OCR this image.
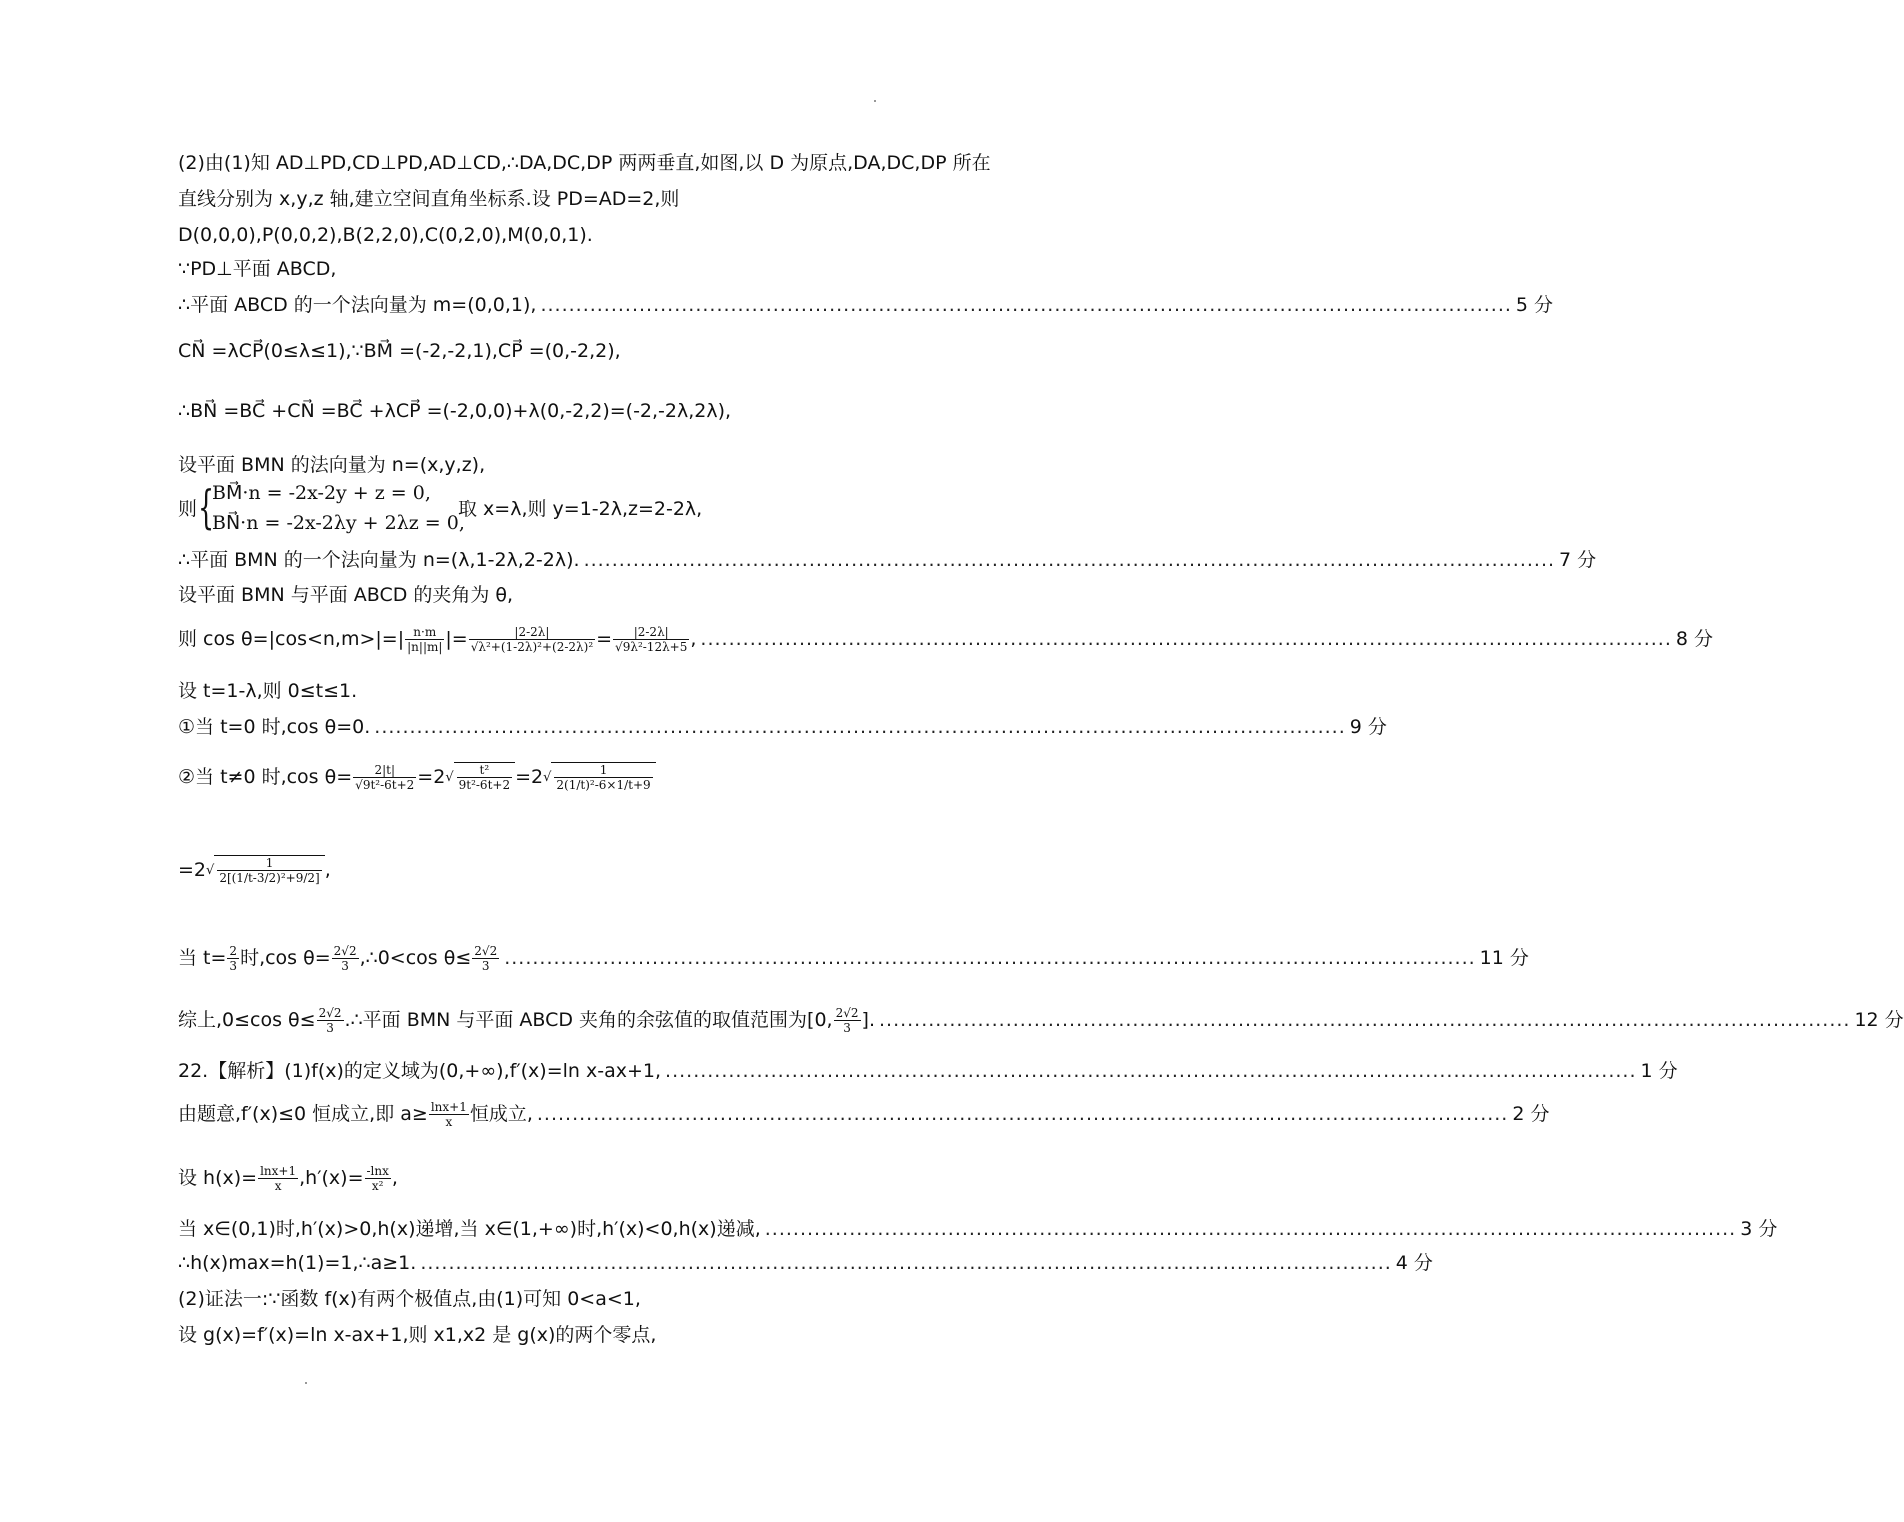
(2)由(1)知 AD⊥PD,CD⊥PD,AD⊥CD,∴DA,DC,DP 两两垂直,如图,以 D 为原点,DA,DC,DP 所在
直线分别为 x,y,z 轴,建立空间直角坐标系.设 PD=AD=2,则
D(0,0,0),P(0,0,2),B(2,2,0),C(0,2,0),M(0,0,1).
∵PD⊥平面 ABCD,
∴平面 ABCD 的一个法向量为 m=(0,0,1), .......................................................................................................................................... 5 分
CN⃗ =λCP⃗(0≤λ≤1),∵BM⃗ =(-2,-2,1),CP⃗ =(0,-2,2),
∴BN⃗ =BC⃗ +CN⃗ =BC⃗ +λCP⃗ =(-2,0,0)+λ(0,-2,2)=(-2,-2λ,2λ),
设平面 BMN 的法向量为 n=(x,y,z),
则 {
BM⃗·n = -2x-2y + z = 0,
BN⃗·n = -2x-2λy + 2λz = 0,
取 x=λ,则 y=1-2λ,z=2-2λ,
∴平面 BMN 的一个法向量为 n=(λ,1-2λ,2-2λ). .......................................................................................................................................... 7 分
设平面 BMN 与平面 ABCD 的夹角为 θ,
则 $\cos \theta=|\cos<n,m>|=| \frac{n\cdot m}{|n||m|}$ |= $\frac{|2-2\lambda|}{\text{√λ²+(1-2λ)²+(2-2λ)²}} = \frac{|2-2\lambda|}{\text{√9λ²-12λ+5}}$ , .......................................................................................................................................... 8 分
设 t=1-λ,则 0≤t≤1.
①当 t=0 时,cos θ=0. .......................................................................................................................................... 9 分
②当 t≠0 时,cos $\theta= \frac{2|t|}{\text{√9t²-6t+2}} =2$ √ $\frac{\text{t²}}{\text{9t²-6t+2}} =2$ √ $\frac{1}{\text{2(1/t)²-6×1/t+9}}$
=2 √ $\frac{1}{\text{2[(1/t-3/2)²+9/2]}}$ ,
当 $t= \frac{2}{3}$ 时,cos $\theta= \frac{2√2}{3}$ ,∴0<cos $\theta\le \frac{2√2}{3}$ .......................................................................................................................................... 11 分
综上,0≤cos $\theta\le \frac{2√2}{3}$ .∴平面 BMN 与平面 ABCD 夹角的余弦值的取值范围为[0, $\frac{2√2}{3}$ ]. .......................................................................................................................................... 12 分
22.【解析】(1)f(x)的定义域为(0,+∞),f′(x)=ln x-ax+1, .......................................................................................................................................... 1 分
由题意,f′(x)≤0 恒成立,即 $a\ge \frac{\ln x+1}{x}$ 恒成立, .......................................................................................................................................... 2 分
设 $h(x)= \frac{\ln x+1}{x} ,h'(x)= \frac{-\ln x}{\text{x²}}$ ,
当 x∈(0,1)时,h′(x)>0,h(x)递增,当 x∈(1,+∞)时,h′(x)<0,h(x)递减, .......................................................................................................................................... 3 分
∴h(x)max=h(1)=1,∴a≥1. .......................................................................................................................................... 4 分
(2)证法一:∵函数 f(x)有两个极值点,由(1)可知 0<a<1,
设 g(x)=f′(x)=ln x-ax+1,则 x1,x2 是 g(x)的两个零点,
